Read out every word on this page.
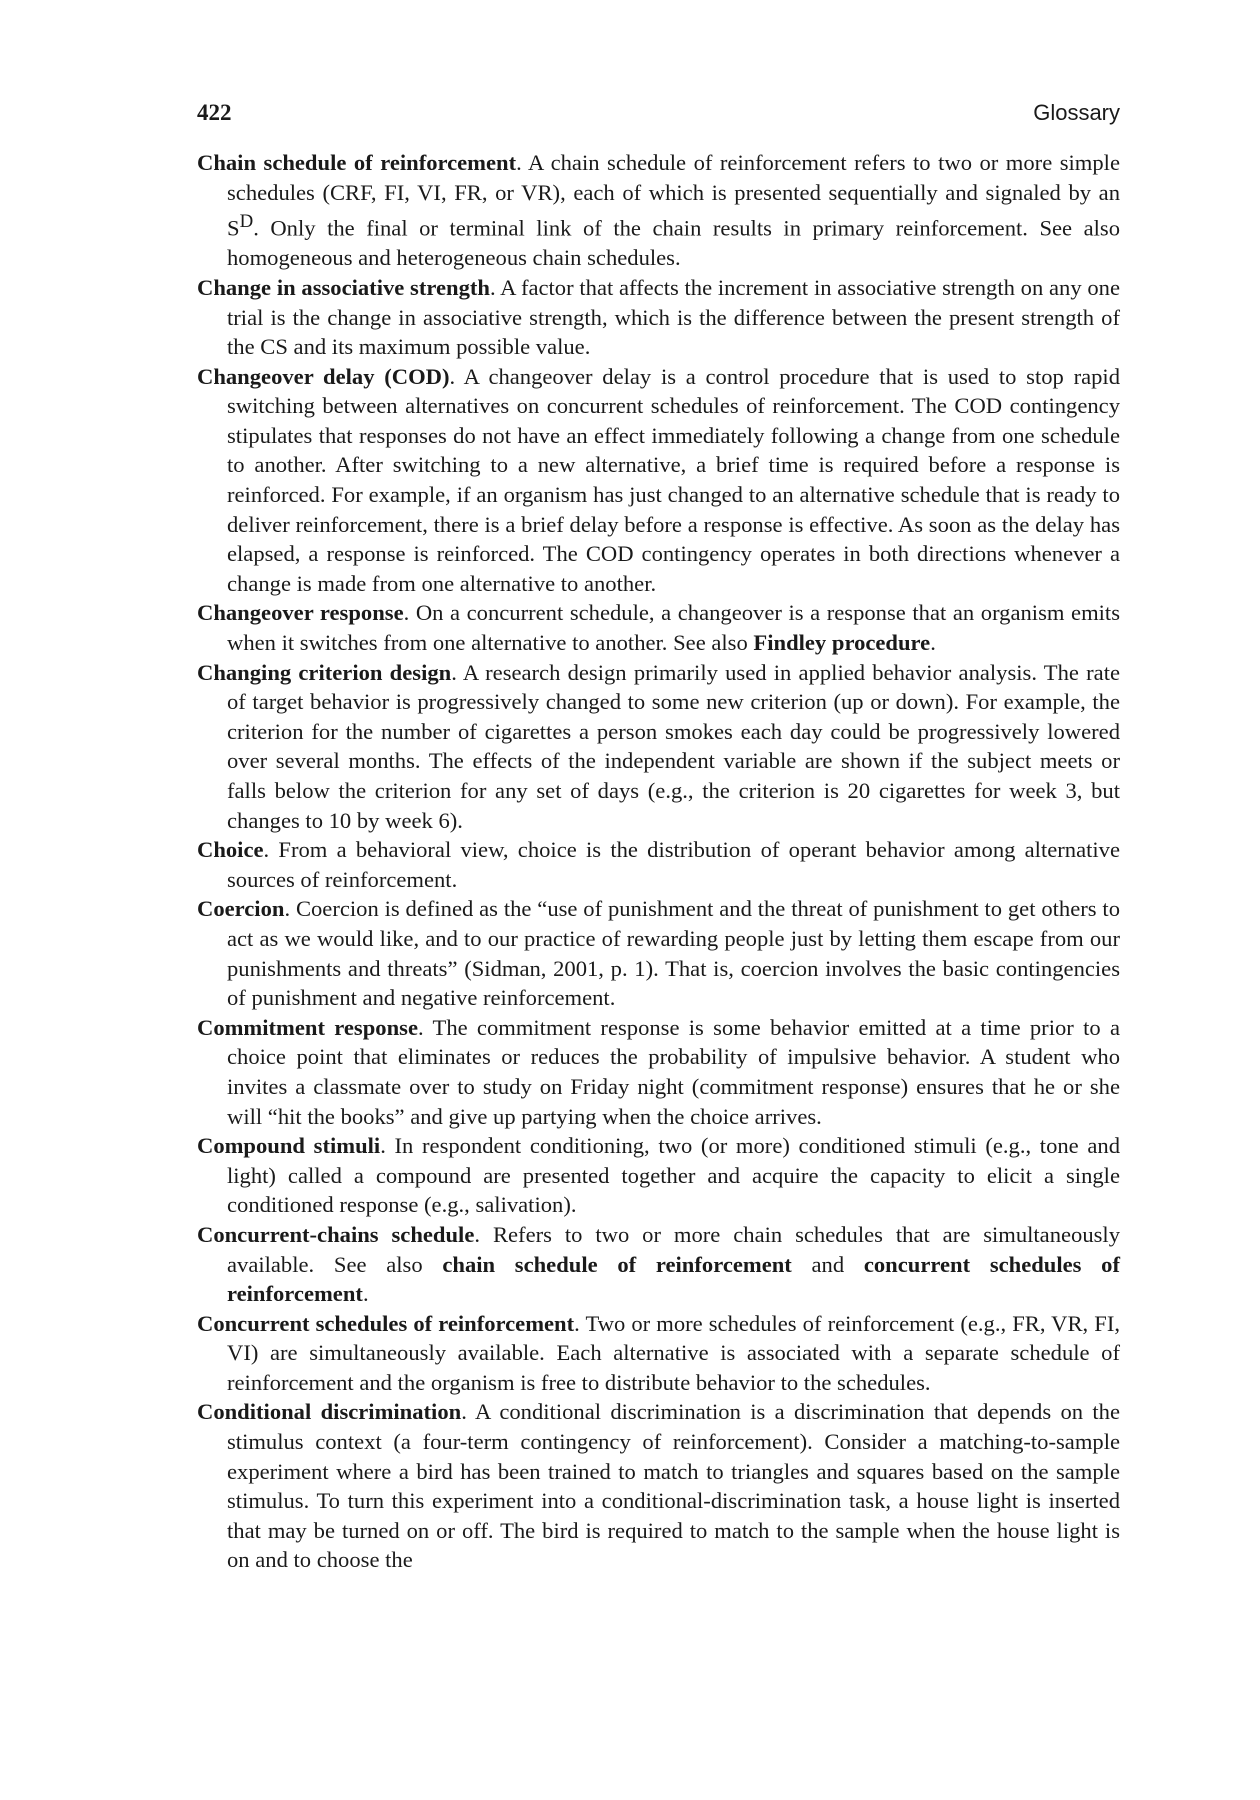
422	Glossary

Chain schedule of reinforcement. A chain schedule of reinforcement refers to two or more simple schedules (CRF, FI, VI, FR, or VR), each of which is presented sequentially and signaled by an $S^D$. Only the final or terminal link of the chain results in primary reinforcement. See also homogeneous and heterogeneous chain schedules.

Change in associative strength. A factor that affects the increment in associative strength on any one trial is the change in associative strength, which is the difference between the present strength of the CS and its maximum possible value.

Changeover delay (COD). A changeover delay is a control procedure that is used to stop rapid switching between alternatives on concurrent schedules of reinforcement. The COD contingency stipulates that responses do not have an effect immediately following a change from one schedule to another. After switching to a new alternative, a brief time is required before a response is reinforced. For example, if an organism has just changed to an alternative schedule that is ready to deliver reinforcement, there is a brief delay before a response is effective. As soon as the delay has elapsed, a response is reinforced. The COD contingency operates in both directions whenever a change is made from one alternative to another.

Changeover response. On a concurrent schedule, a changeover is a response that an organism emits when it switches from one alternative to another. See also Findley procedure.

Changing criterion design. A research design primarily used in applied behavior analysis. The rate of target behavior is progressively changed to some new criterion (up or down). For example, the criterion for the number of cigarettes a person smokes each day could be progressively lowered over several months. The effects of the independent variable are shown if the subject meets or falls below the criterion for any set of days (e.g., the criterion is 20 cigarettes for week 3, but changes to 10 by week 6).

Choice. From a behavioral view, choice is the distribution of operant behavior among alternative sources of reinforcement.

Coercion. Coercion is defined as the “use of punishment and the threat of punishment to get others to act as we would like, and to our practice of rewarding people just by letting them escape from our punishments and threats” (Sidman, 2001, p. 1). That is, coercion involves the basic contingencies of punishment and negative reinforcement.

Commitment response. The commitment response is some behavior emitted at a time prior to a choice point that eliminates or reduces the probability of impulsive behavior. A student who invites a classmate over to study on Friday night (commitment response) ensures that he or she will “hit the books” and give up partying when the choice arrives.

Compound stimuli. In respondent conditioning, two (or more) conditioned stimuli (e.g., tone and light) called a compound are presented together and acquire the capacity to elicit a single conditioned response (e.g., salivation).

Concurrent-chains schedule. Refers to two or more chain schedules that are simultaneously available. See also chain schedule of reinforcement and concurrent schedules of reinforcement.

Concurrent schedules of reinforcement. Two or more schedules of reinforcement (e.g., FR, VR, FI, VI) are simultaneously available. Each alternative is associated with a separate schedule of reinforcement and the organism is free to distribute behavior to the schedules.

Conditional discrimination. A conditional discrimination is a discrimination that depends on the stimulus context (a four-term contingency of reinforcement). Consider a matching-to-sample experiment where a bird has been trained to match to triangles and squares based on the sample stimulus. To turn this experiment into a conditional-discrimination task, a house light is inserted that may be turned on or off. The bird is required to match to the sample when the house light is on and to choose the
